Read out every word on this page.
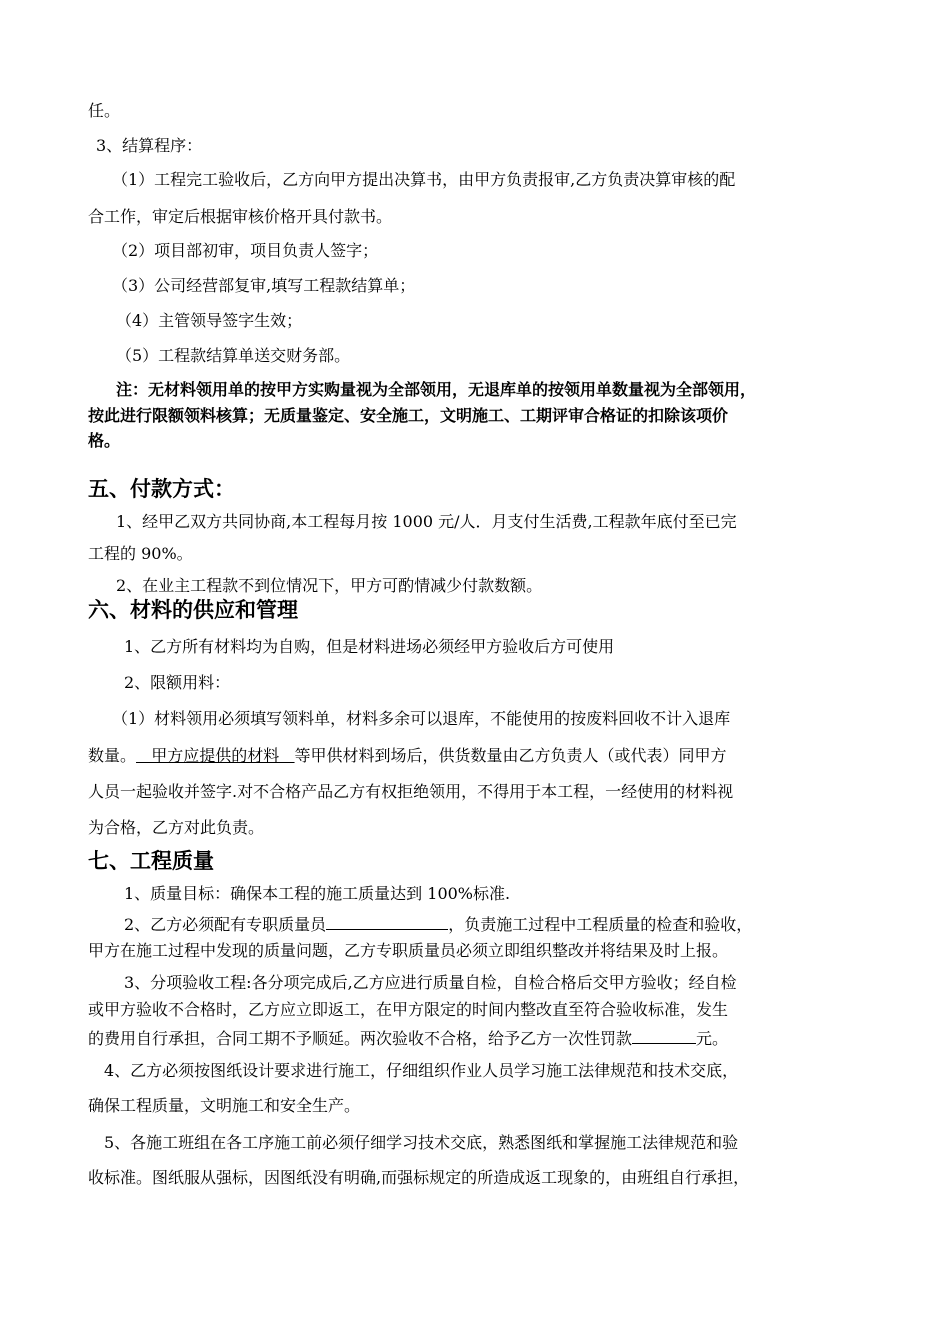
任。
3、结算程序：
（1）工程完工验收后，乙方向甲方提出决算书，由甲方负责报审,乙方负责决算审核的配
合工作，审定后根据审核价格开具付款书。
（2）项目部初审，项目负责人签字；
（3）公司经营部复审,填写工程款结算单；
（4）主管领导签字生效；
（5）工程款结算单送交财务部。
注：无材料领用单的按甲方实购量视为全部领用，无退库单的按领用单数量视为全部领用，
按此进行限额领料核算；无质量鉴定、安全施工，文明施工、工期评审合格证的扣除该项价
格。
五、付款方式：
1、经甲乙双方共同协商,本工程每月按 1000 元/人．月支付生活费,工程款年底付至已完
工程的 90%。
2、在业主工程款不到位情况下，甲方可酌情减少付款数额。
六、材料的供应和管理
1、乙方所有材料均为自购，但是材料进场必须经甲方验收后方可使用
2、限额用料：
（1）材料领用必须填写领料单，材料多余可以退库，不能使用的按废料回收不计入退库
数量。   甲方应提供的材料   等甲供材料到场后，供货数量由乙方负责人（或代表）同甲方
人员一起验收并签字.对不合格产品乙方有权拒绝领用，不得用于本工程，一经使用的材料视
为合格，乙方对此负责。
七、工程质量
1、质量目标：确保本工程的施工质量达到 100%标准.
2、乙方必须配有专职质量员	，负责施工过程中工程质量的检查和验收，
甲方在施工过程中发现的质量问题，乙方专职质量员必须立即组织整改并将结果及时上报。
3、分项验收工程:各分项完成后,乙方应进行质量自检，自检合格后交甲方验收；经自检
或甲方验收不合格时，乙方应立即返工，在甲方限定的时间内整改直至符合验收标准，发生
的费用自行承担，合同工期不予顺延。两次验收不合格，给予乙方一次性罚款	元。
4、乙方必须按图纸设计要求进行施工，仔细组织作业人员学习施工法律规范和技术交底，
确保工程质量，文明施工和安全生产。
5、各施工班组在各工序施工前必须仔细学习技术交底，熟悉图纸和掌握施工法律规范和验
收标准。图纸服从强标，因图纸没有明确,而强标规定的所造成返工现象的，由班组自行承担，
